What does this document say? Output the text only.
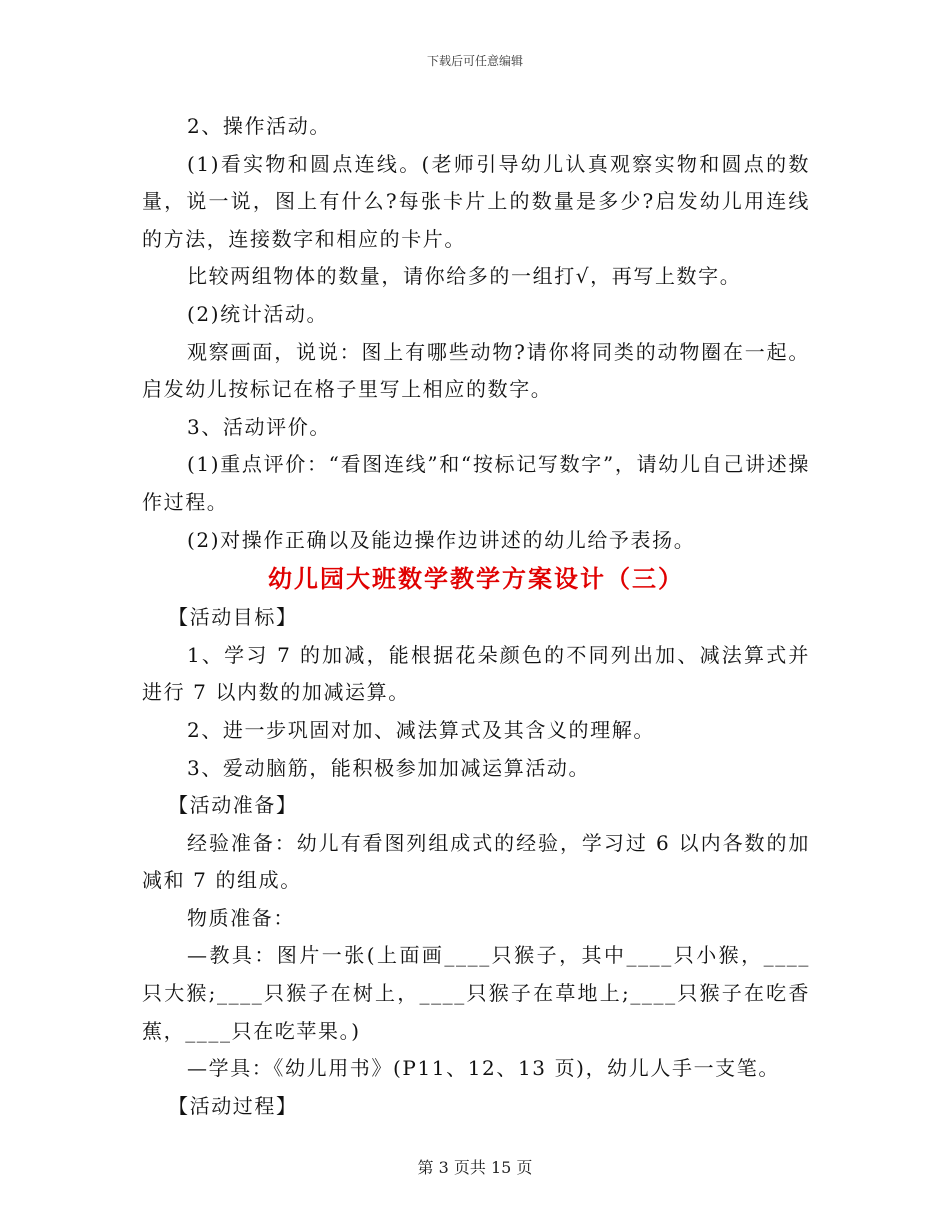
下载后可任意编辑

2、操作活动。

(1)看实物和圆点连线。(老师引导幼儿认真观察实物和圆点的数量，说一说，图上有什么?每张卡片上的数量是多少?启发幼儿用连线的方法，连接数字和相应的卡片。

比较两组物体的数量，请你给多的一组打√，再写上数字。

(2)统计活动。

观察画面，说说：图上有哪些动物?请你将同类的动物圈在一起。启发幼儿按标记在格子里写上相应的数字。

3、活动评价。

(1)重点评价：“看图连线”和“按标记写数字”，请幼儿自己讲述操作过程。

(2)对操作正确以及能边操作边讲述的幼儿给予表扬。

幼儿园大班数学教学方案设计（三）

【活动目标】

1、学习 7 的加减，能根据花朵颜色的不同列出加、减法算式并进行 7 以内数的加减运算。

2、进一步巩固对加、减法算式及其含义的理解。

3、爱动脑筋，能积极参加加减运算活动。

【活动准备】

经验准备：幼儿有看图列组成式的经验，学习过 6 以内各数的加减和 7 的组成。

物质准备：

—教具：图片一张(上面画____只猴子，其中____只小猴，____只大猴;____只猴子在树上，____只猴子在草地上;____只猴子在吃香蕉，____只在吃苹果。)

—学具：《幼儿用书》(P11、12、13 页)，幼儿人手一支笔。

【活动过程】

第 3 页共 15 页
